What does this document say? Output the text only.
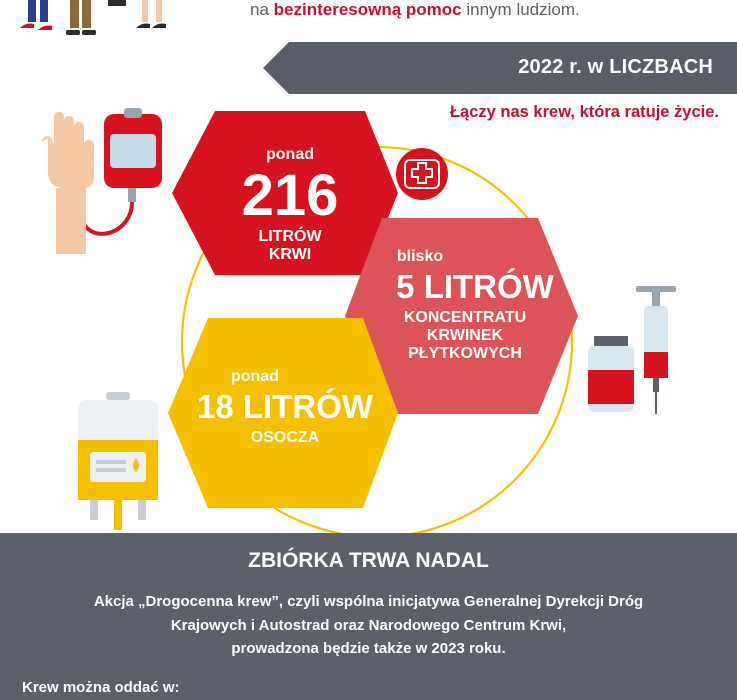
na bezinteresowną pomoc innym ludziom.
2022 r. w LICZBACH
Łączy nas krew, która ratuje życie.
ponad
216
LITRÓW
KRWI	blisko
5 LITRÓW
KONCENTRATU
KRWINEK
PŁYTKOWYCH
ponad
18 LITRÓW
OSOCZA
ZBIÓRKA TRWA NADAL
Akcja „Drogocenna krew”, czyli wspólna inicjatywa Generalnej Dyrekcji Dróg
Krajowych i Autostrad oraz Narodowego Centrum Krwi,
prowadzona będzie także w 2023 roku.
Krew można oddać w:
